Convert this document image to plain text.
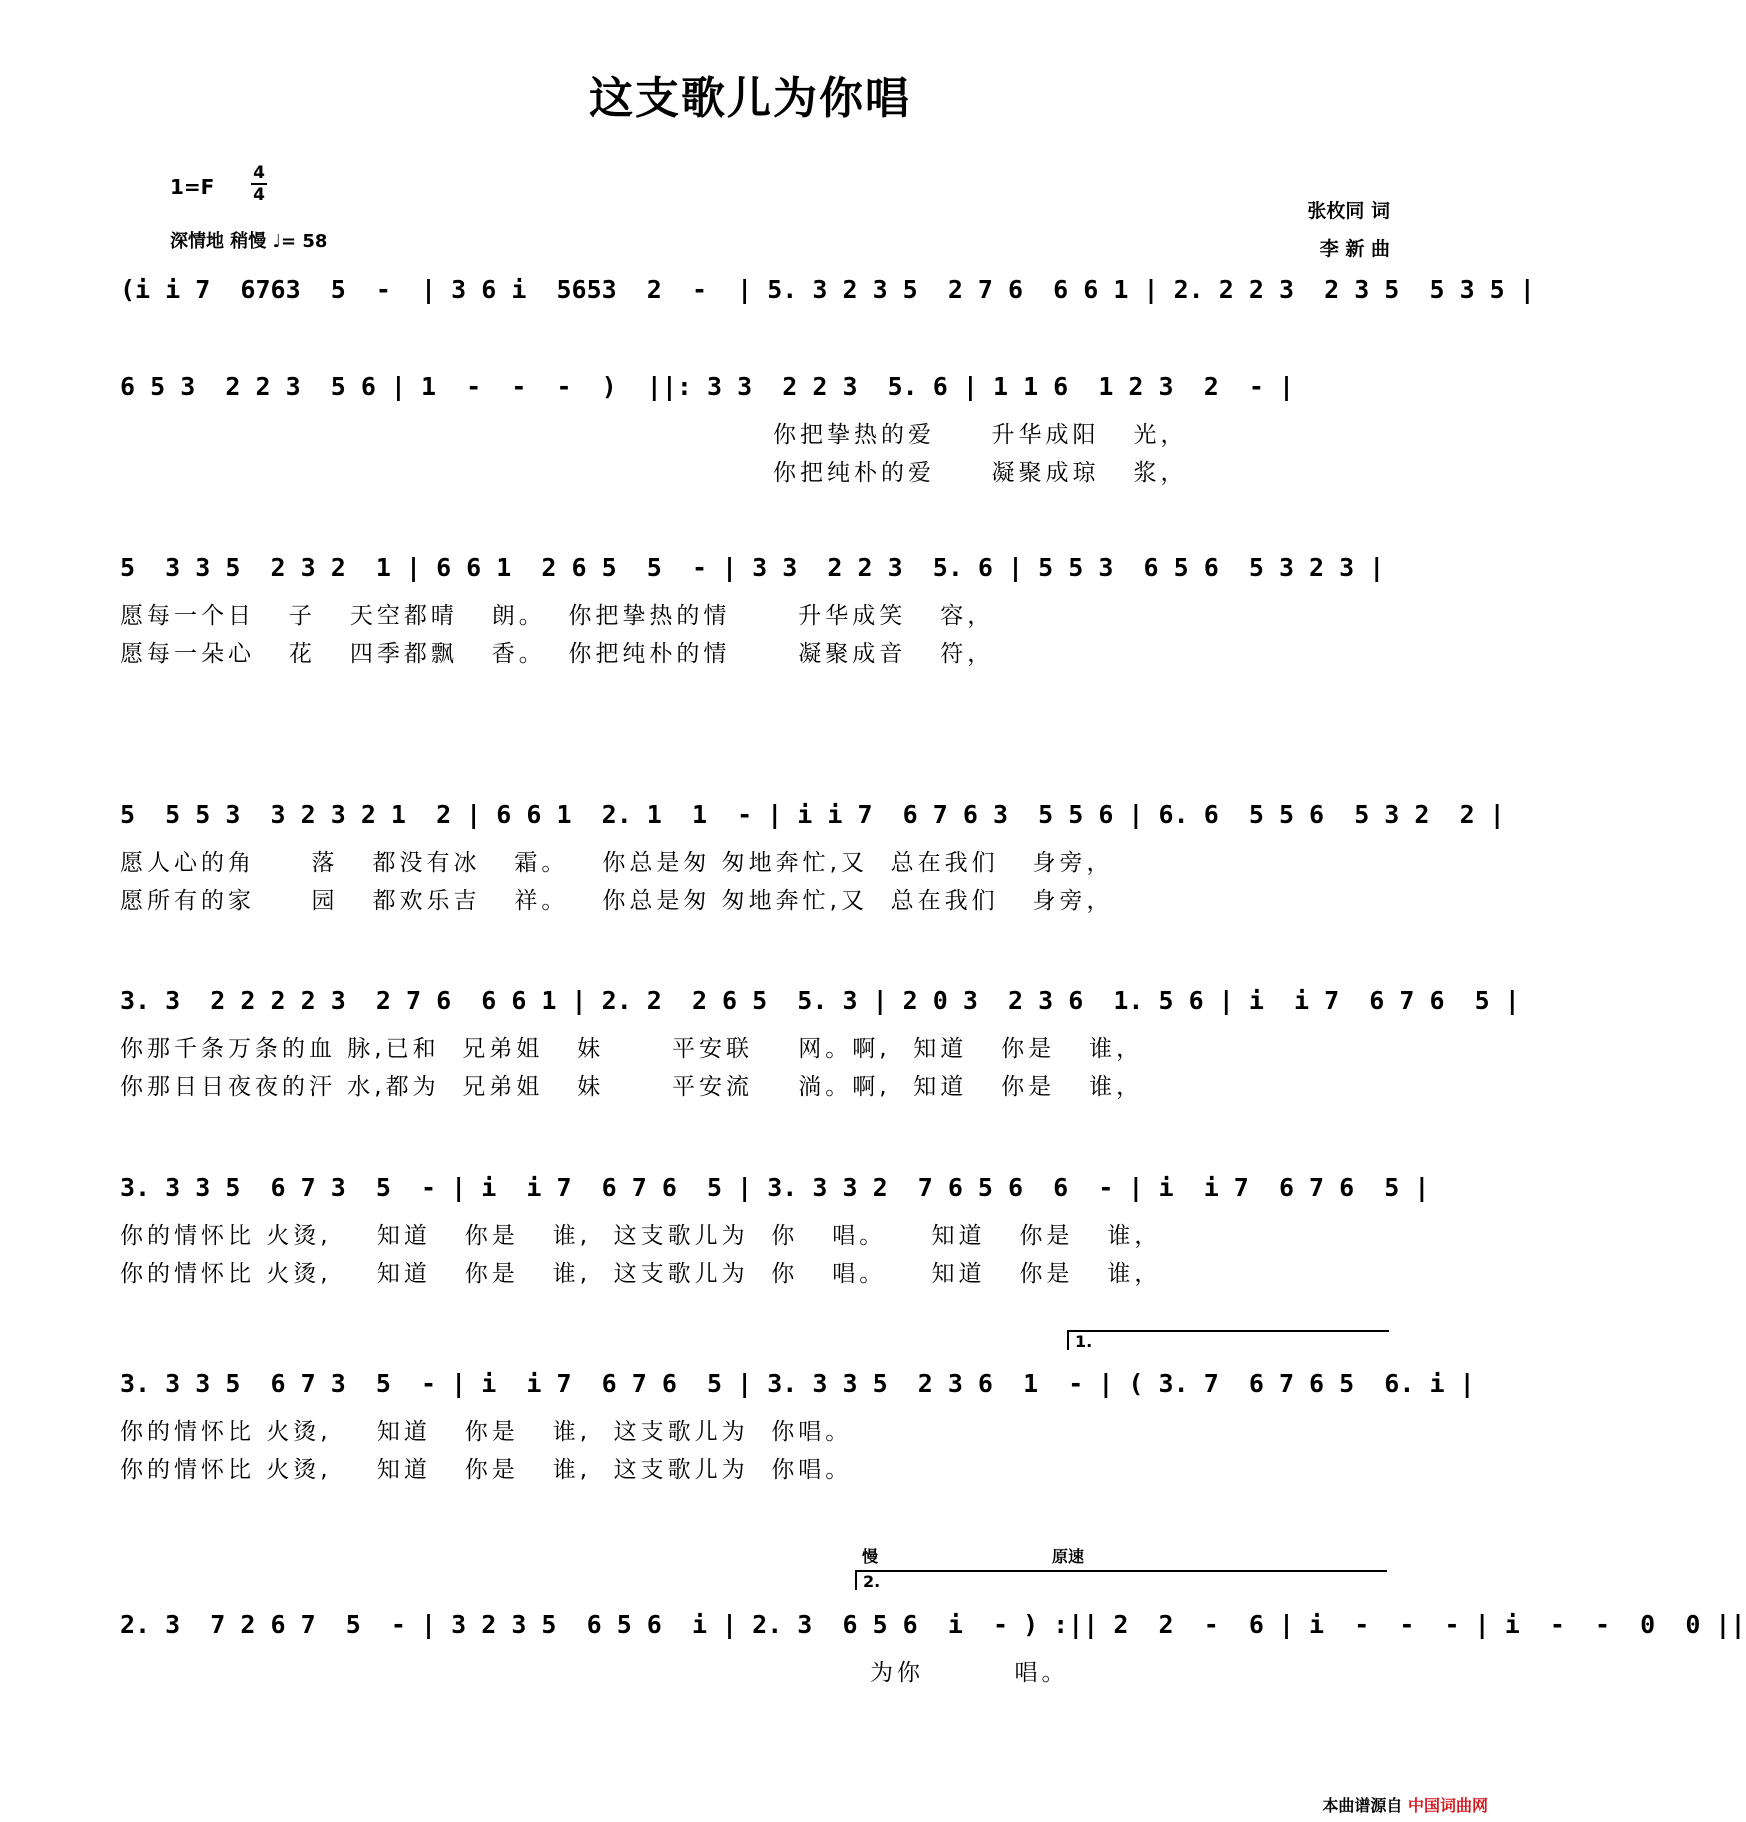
这支歌儿为你唱
1=F
4
4
深情地 稍慢 ♩= 58
张枚同 词
李 新 曲
(i i 7  6763  5  -  | 3 6 i  5653  2  -  | 5. 3 2 3 5  2 7 6  6 6 1 | 2. 2 2 3  2 3 5  5 3 5 |
6 5 3  2 2 3  5 6 | 1  -  -  -  )  ||: 3 3  2 2 3  5. 6 | 1 1 6  1 2 3  2  - |
你把挚热的爱     升华成阳   光，
你把纯朴的爱     凝聚成琼   浆，
5  3 3 5  2 3 2  1 | 6 6 1  2 6 5  5  - | 3 3  2 2 3  5. 6 | 5 5 3  6 5 6  5 3 2 3 |
愿每一个日   子   天空都晴   朗。  你把挚热的情      升华成笑   容，
愿每一朵心   花   四季都飘   香。  你把纯朴的情      凝聚成音   符，
5  5 5 3  3 2 3 2 1  2 | 6 6 1  2. 1  1  - | i i 7  6 7 6 3  5 5 6 | 6. 6  5 5 6  5 3 2  2 |
愿人心的角     落   都没有冰   霜。   你总是匆 匆地奔忙,又  总在我们   身旁，
愿所有的家     园   都欢乐吉   祥。   你总是匆 匆地奔忙,又  总在我们   身旁，
3. 3  2 2 2 2 3  2 7 6  6 6 1 | 2. 2  2 6 5  5. 3 | 2 0 3  2 3 6  1. 5 6 | i  i 7  6 7 6  5 |
你那千条万条的血 脉,已和  兄弟姐   妹      平安联    网。啊,  知道   你是   谁，
你那日日夜夜的汗 水,都为  兄弟姐   妹      平安流    淌。啊,  知道   你是   谁，
3. 3 3 5  6 7 3  5  - | i  i 7  6 7 6  5 | 3. 3 3 2  7 6 5 6  6  - | i  i 7  6 7 6  5 |
你的情怀比 火烫,    知道   你是   谁,  这支歌儿为  你   唱。    知道   你是   谁，
你的情怀比 火烫,    知道   你是   谁,  这支歌儿为  你   唱。    知道   你是   谁，
1.
3. 3 3 5  6 7 3  5  - | i  i 7  6 7 6  5 | 3. 3 3 5  2 3 6  1  - | ( 3. 7  6 7 6 5  6. i |
你的情怀比 火烫,    知道   你是   谁,  这支歌儿为  你唱。
你的情怀比 火烫,    知道   你是   谁,  这支歌儿为  你唱。
慢	原速
2.
2. 3  7 2 6 7  5  - | 3 2 3 5  6 5 6  i | 2. 3  6 5 6  i  - ) :|| 2  2  -  6 | i  -  -  - | i  -  -  0  0 ||
为你        唱。
本曲谱源自 中国词曲网
